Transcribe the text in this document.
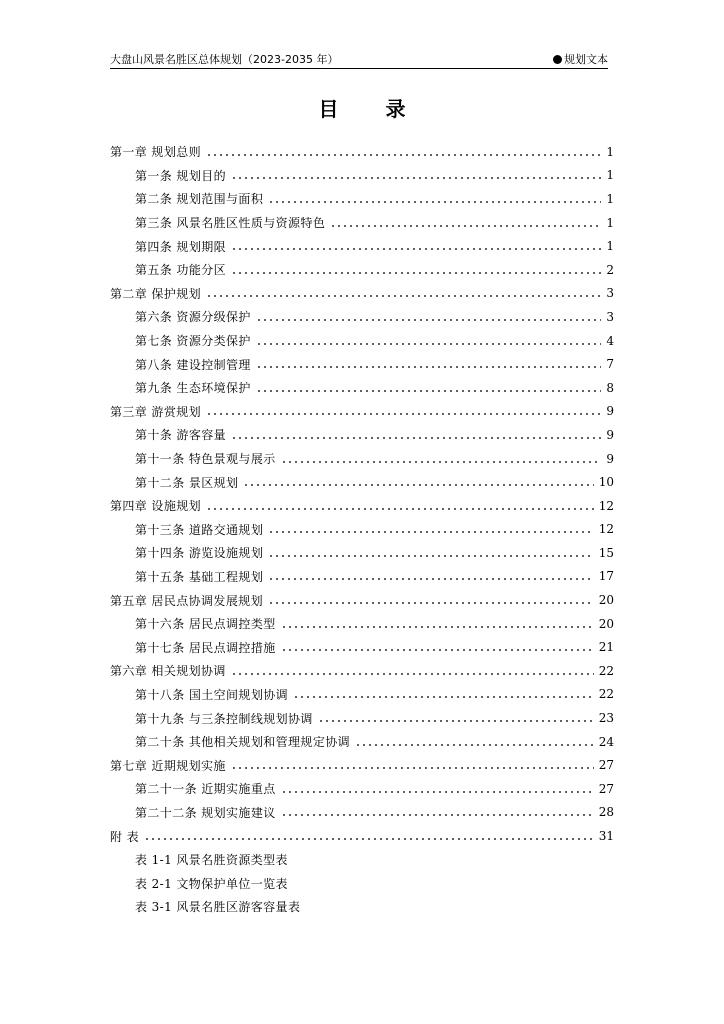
大盘山风景名胜区总体规划（2023-2035 年）	规划文本
目 录
第一章 规划总则	1
第一条 规划目的	1
第二条 规划范围与面积	1
第三条 风景名胜区性质与资源特色	1
第四条 规划期限	1
第五条 功能分区	2
第二章 保护规划	3
第六条 资源分级保护	3
第七条 资源分类保护	4
第八条 建设控制管理	7
第九条 生态环境保护	8
第三章 游赏规划	9
第十条 游客容量	9
第十一条 特色景观与展示	9
第十二条 景区规划	10
第四章 设施规划	12
第十三条 道路交通规划	12
第十四条 游览设施规划	15
第十五条 基础工程规划	17
第五章 居民点协调发展规划	20
第十六条 居民点调控类型	20
第十七条 居民点调控措施	21
第六章 相关规划协调	22
第十八条 国土空间规划协调	22
第十九条 与三条控制线规划协调	23
第二十条 其他相关规划和管理规定协调	24
第七章 近期规划实施	27
第二十一条 近期实施重点	27
第二十二条 规划实施建议	28
附 表	31
表 1-1 风景名胜资源类型表
表 2-1 文物保护单位一览表
表 3-1 风景名胜区游客容量表
